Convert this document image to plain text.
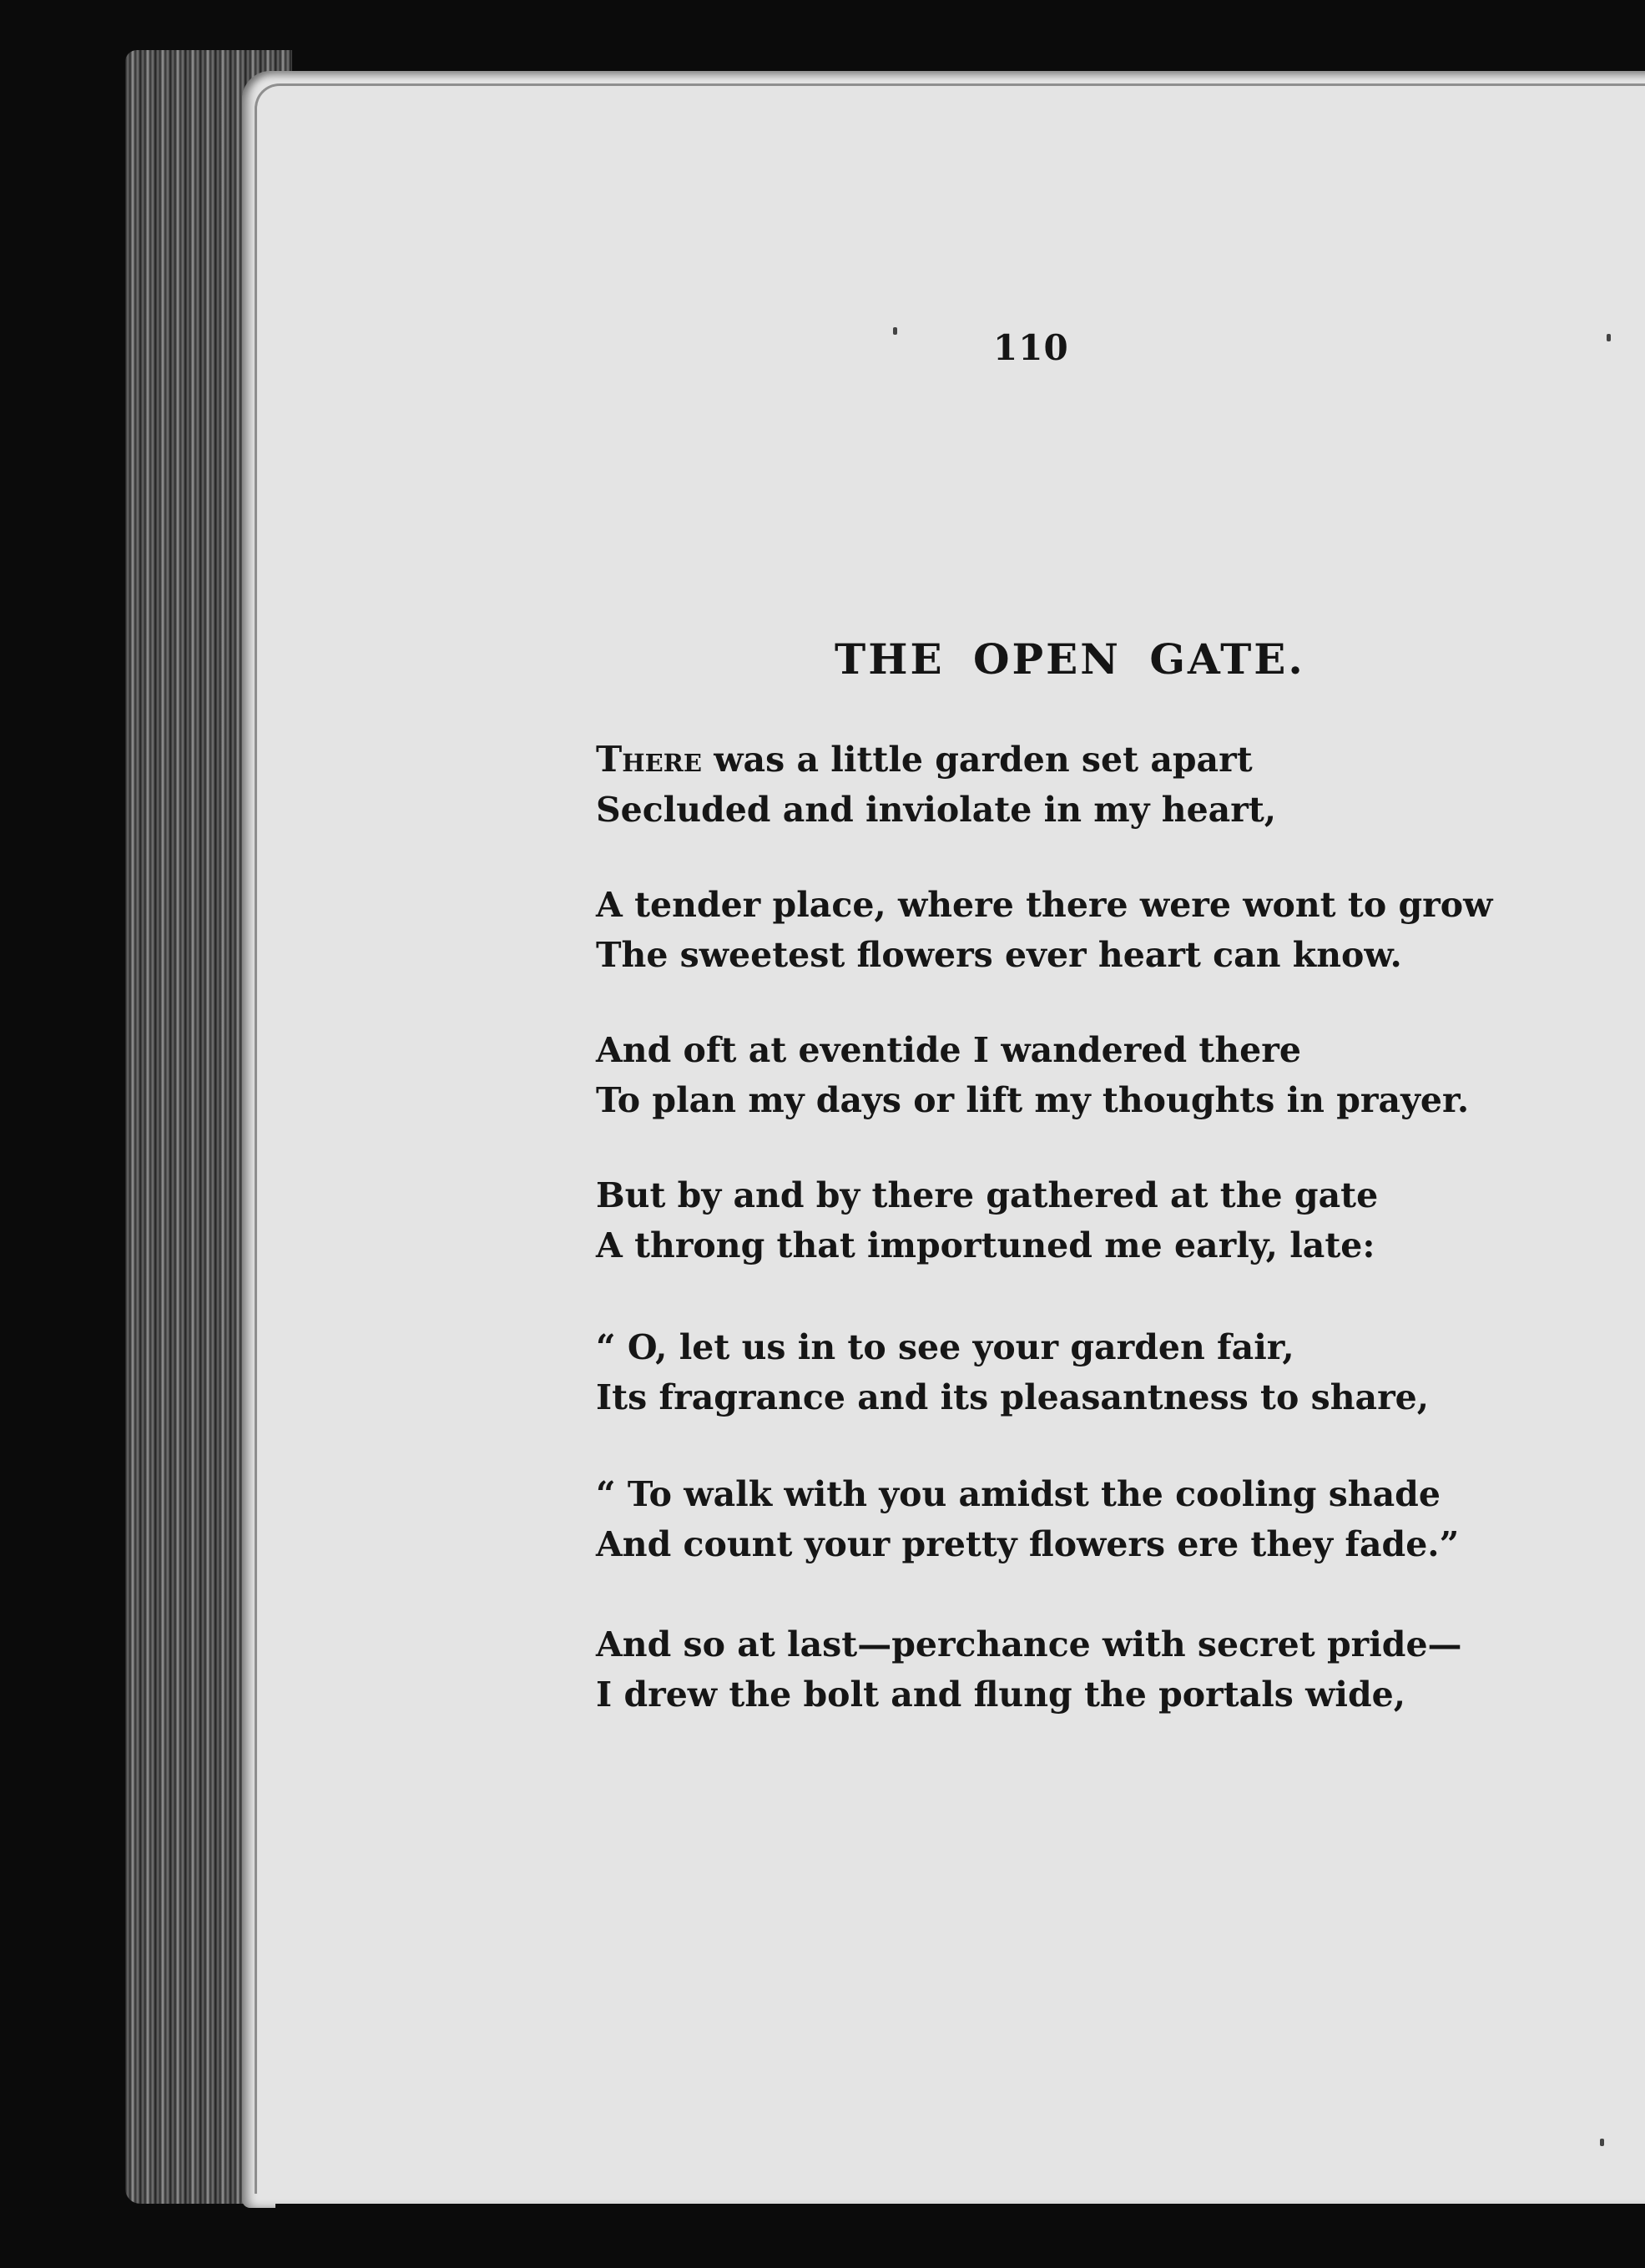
110
THE OPEN GATE.
There was a little garden set apart
Secluded and inviolate in my heart,
A tender place, where there were wont to grow
The sweetest flowers ever heart can know.
And oft at eventide I wandered there
To plan my days or lift my thoughts in prayer.
But by and by there gathered at the gate
A throng that importuned me early, late:
“ O, let us in to see your garden fair,
Its fragrance and its pleasantness to share,
“ To walk with you amidst the cooling shade
And count your pretty flowers ere they fade.”
And so at last—perchance with secret pride—
I drew the bolt and flung the portals wide,
